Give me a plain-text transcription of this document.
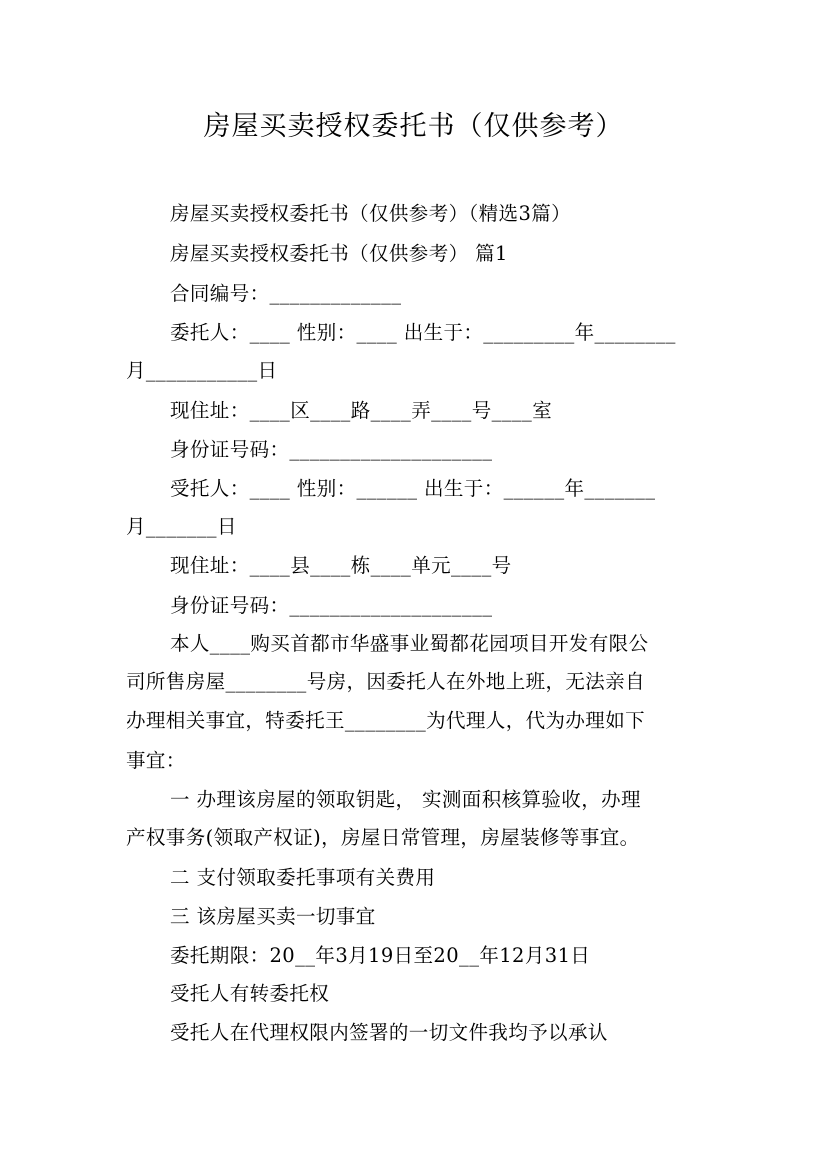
房屋买卖授权委托书（仅供参考）
房屋买卖授权委托书（仅供参考）（精选3篇）
房屋买卖授权委托书（仅供参考） 篇1
合同编号：_____________
委托人：____ 性别：____ 出生于：_________年________
月___________日
现住址：____区____路____弄____号____室
身份证号码：____________________
受托人：____ 性别：______ 出生于：______年_______
月_______日
现住址：____县____栋____单元____号
身份证号码：____________________
本人____购买首都市华盛事业蜀都花园项目开发有限公
司所售房屋________号房，因委托人在外地上班，无法亲自
办理相关事宜，特委托王________为代理人，代为办理如下
事宜：
一 办理该房屋的领取钥匙， 实测面积核算验收，办理
产权事务(领取产权证)，房屋日常管理，房屋装修等事宜。
二 支付领取委托事项有关费用
三 该房屋买卖一切事宜
委托期限：20__年3月19日至20__年12月31日
受托人有转委托权
受托人在代理权限内签署的一切文件我均予以承认
